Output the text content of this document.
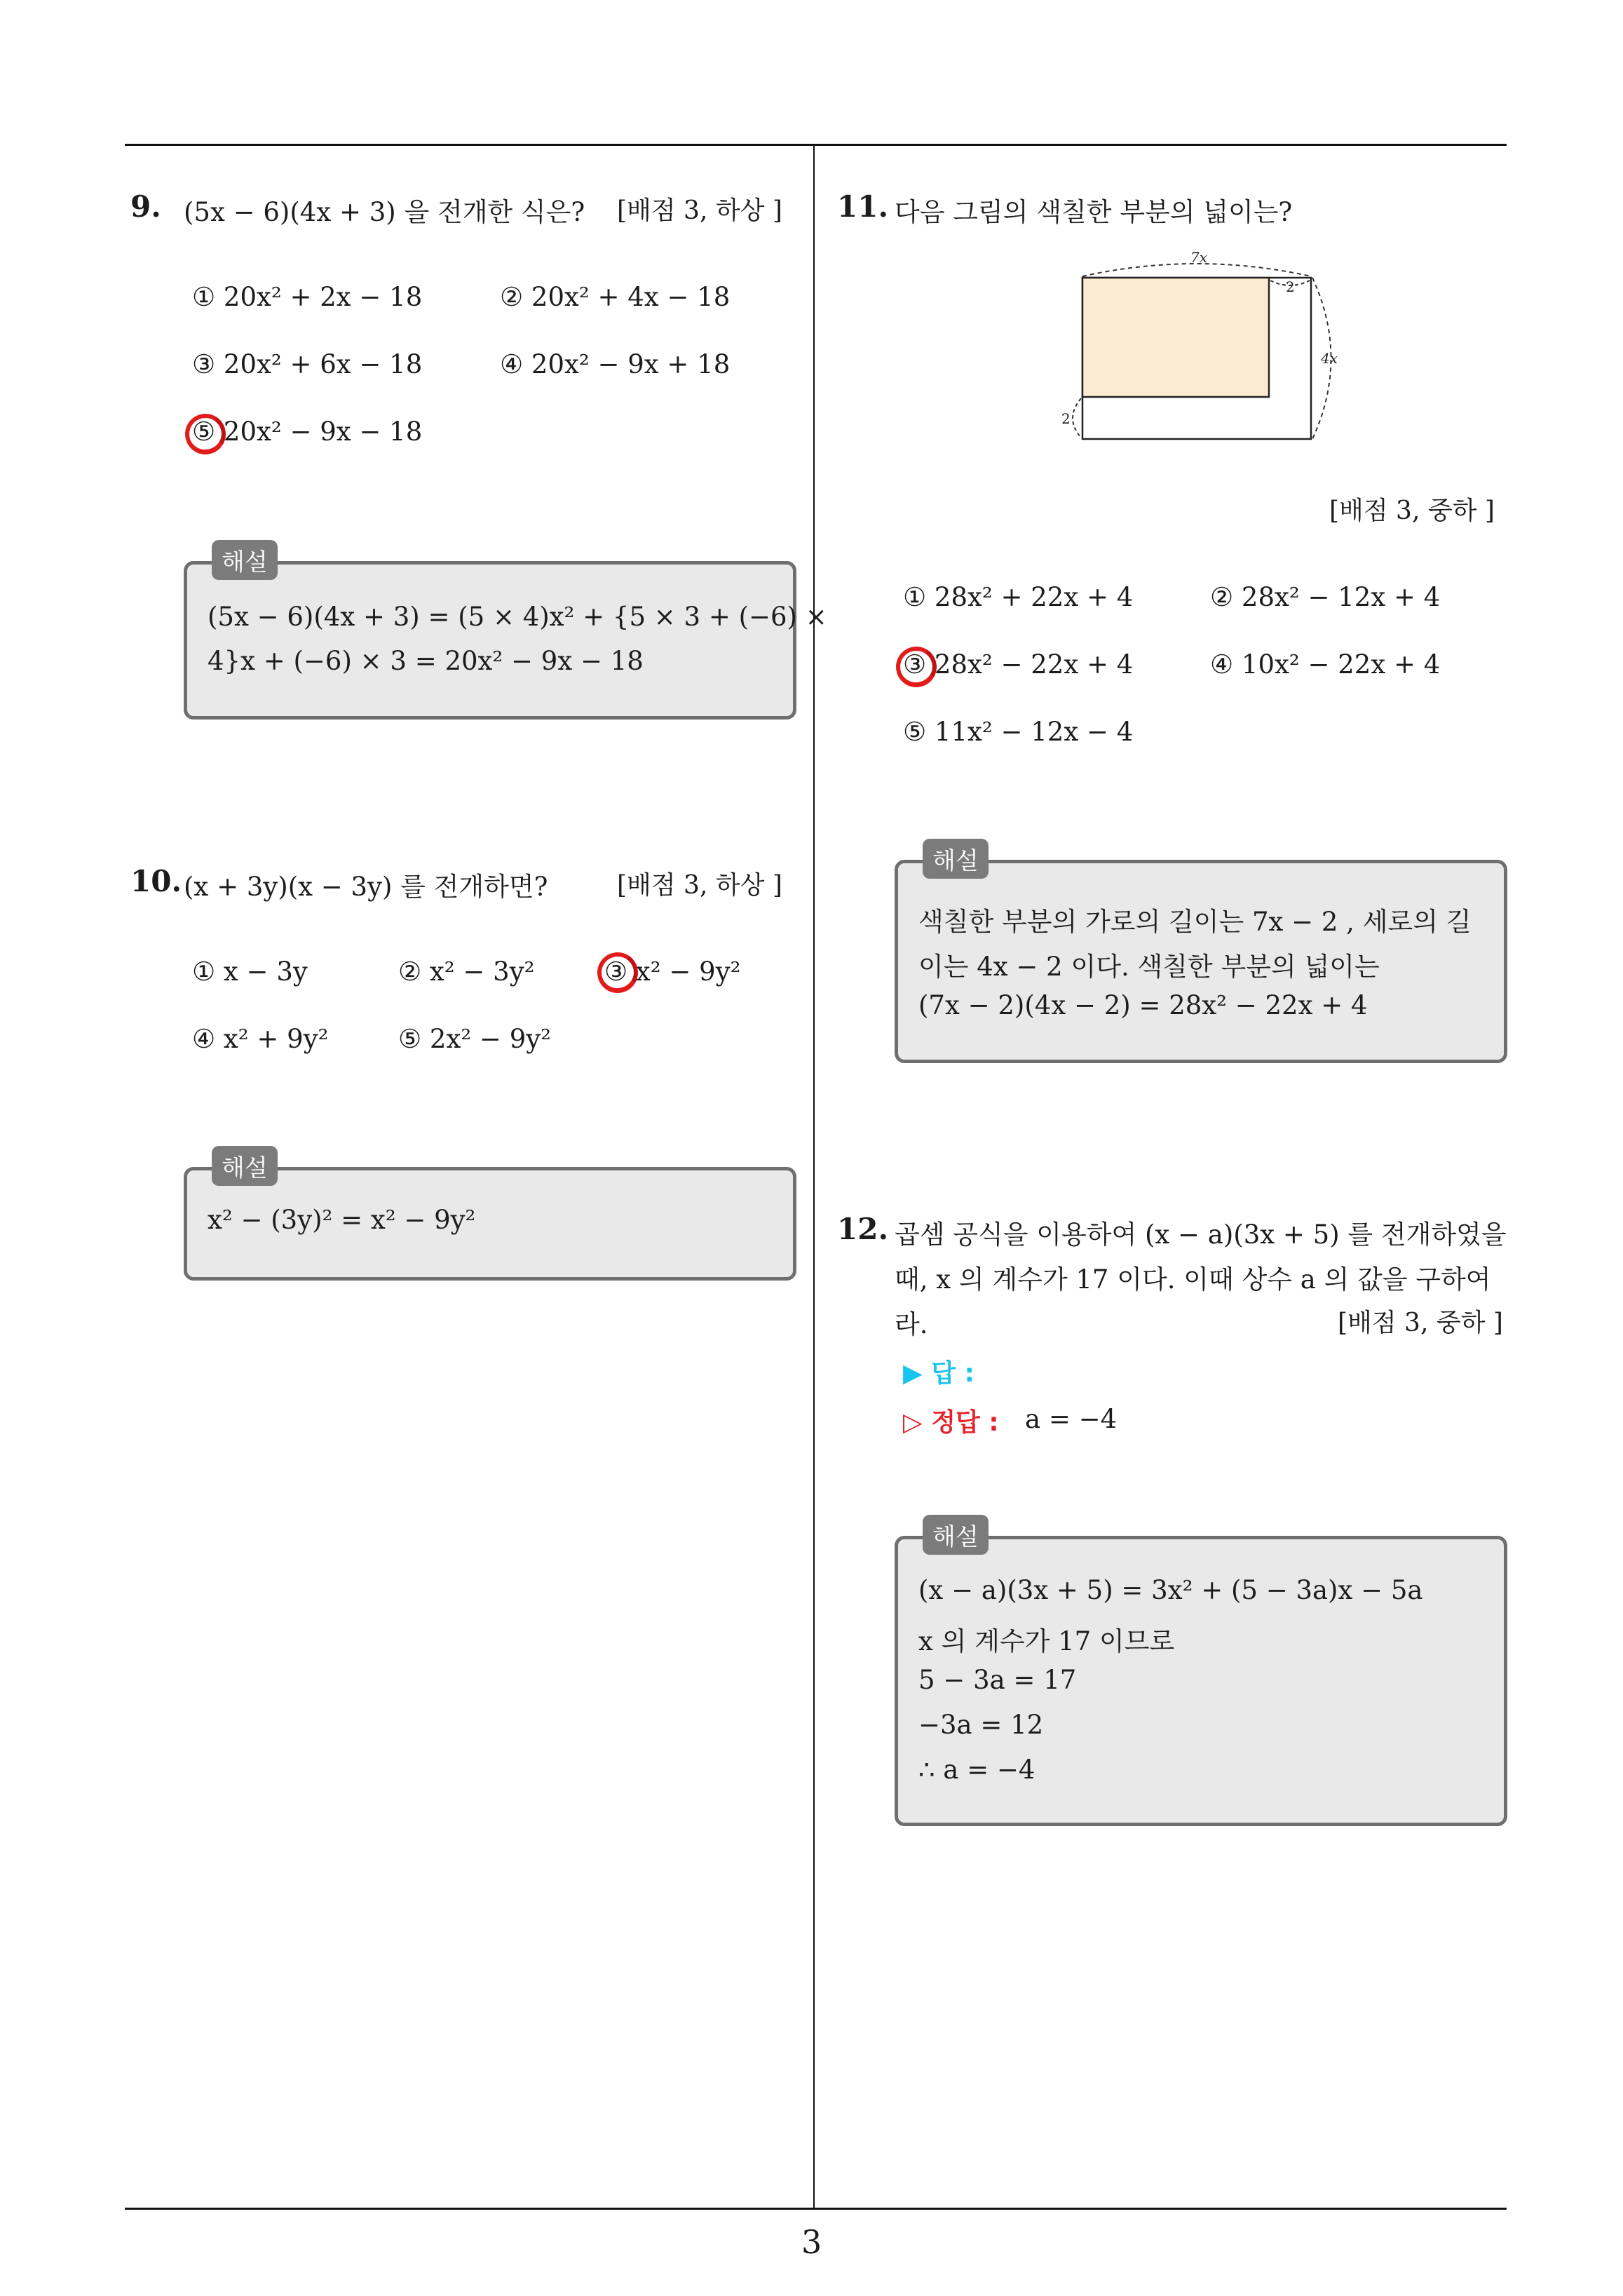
3
9. (5x − 6)(4x + 3) 을 전개한 식은? [배점 3, 하상 ]
① 20x² + 2x − 18	② 20x² + 4x − 18
③ 20x² + 6x − 18	④ 20x² − 9x + 18
⑤ 20x² − 9x − 18
해설
(5x − 6)(4x + 3) = (5 × 4)x² + {5 × 3 + (−6) ×
4}x + (−6) × 3 = 20x² − 9x − 18
10. (x + 3y)(x − 3y) 를 전개하면?	[배점 3, 하상 ]
① x − 3y	② x² − 3y²	③ x² − 9y²
④ x² + 9y²	⑤ 2x² − 9y²
해설
x² − (3y)² = x² − 9y²
11. 다음 그림의 색칠한 부분의 넓이는?
7x
2
4x
2
[배점 3, 중하 ]
① 28x² + 22x + 4	② 28x² − 12x + 4
③ 28x² − 22x + 4	④ 10x² − 22x + 4
⑤ 11x² − 12x − 4
해설
색칠한 부분의 가로의 길이는 7x − 2 , 세로의 길
이는 4x − 2 이다. 색칠한 부분의 넓이는
(7x − 2)(4x − 2) = 28x² − 22x + 4
12. 곱셈 공식을 이용하여 (x − a)(3x + 5) 를 전개하였을
때, x 의 계수가 17 이다. 이때 상수 a 의 값을 구하여
라.	[배점 3, 중하 ]
▶ 답 :
▷ 정답 : a = −4
해설
(x − a)(3x + 5) = 3x² + (5 − 3a)x − 5a
x 의 계수가 17 이므로
5 − 3a = 17
−3a = 12
∴ a = −4
